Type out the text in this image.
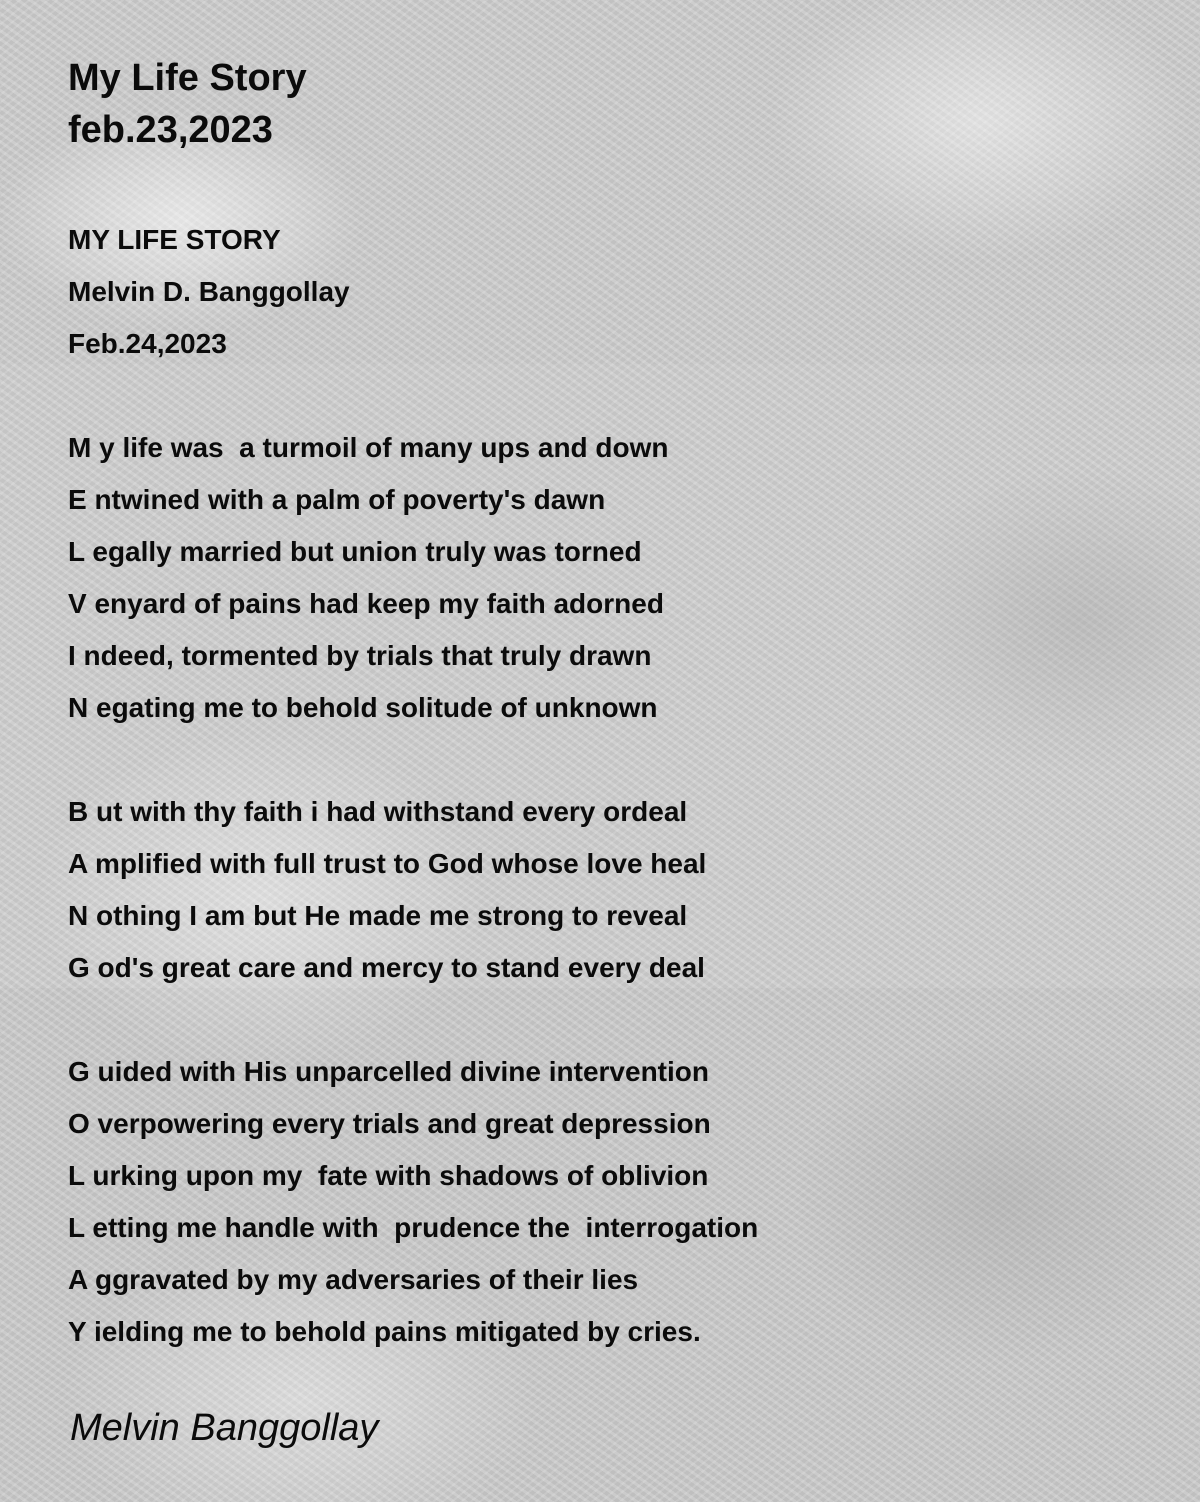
My Life Story
feb.23,2023
MY LIFE STORY
Melvin D. Banggollay
Feb.24,2023
M y life was  a turmoil of many ups and down
E ntwined with a palm of poverty's dawn
L egally married but union truly was torned
V enyard of pains had keep my faith adorned
I ndeed, tormented by trials that truly drawn
N egating me to behold solitude of unknown
B ut with thy faith i had withstand every ordeal
A mplified with full trust to God whose love heal
N othing I am but He made me strong to reveal
G od's great care and mercy to stand every deal
G uided with His unparcelled divine intervention
O verpowering every trials and great depression
L urking upon my  fate with shadows of oblivion
L etting me handle with  prudence the  interrogation
A ggravated by my adversaries of their lies
Y ielding me to behold pains mitigated by cries.
Melvin Banggollay
